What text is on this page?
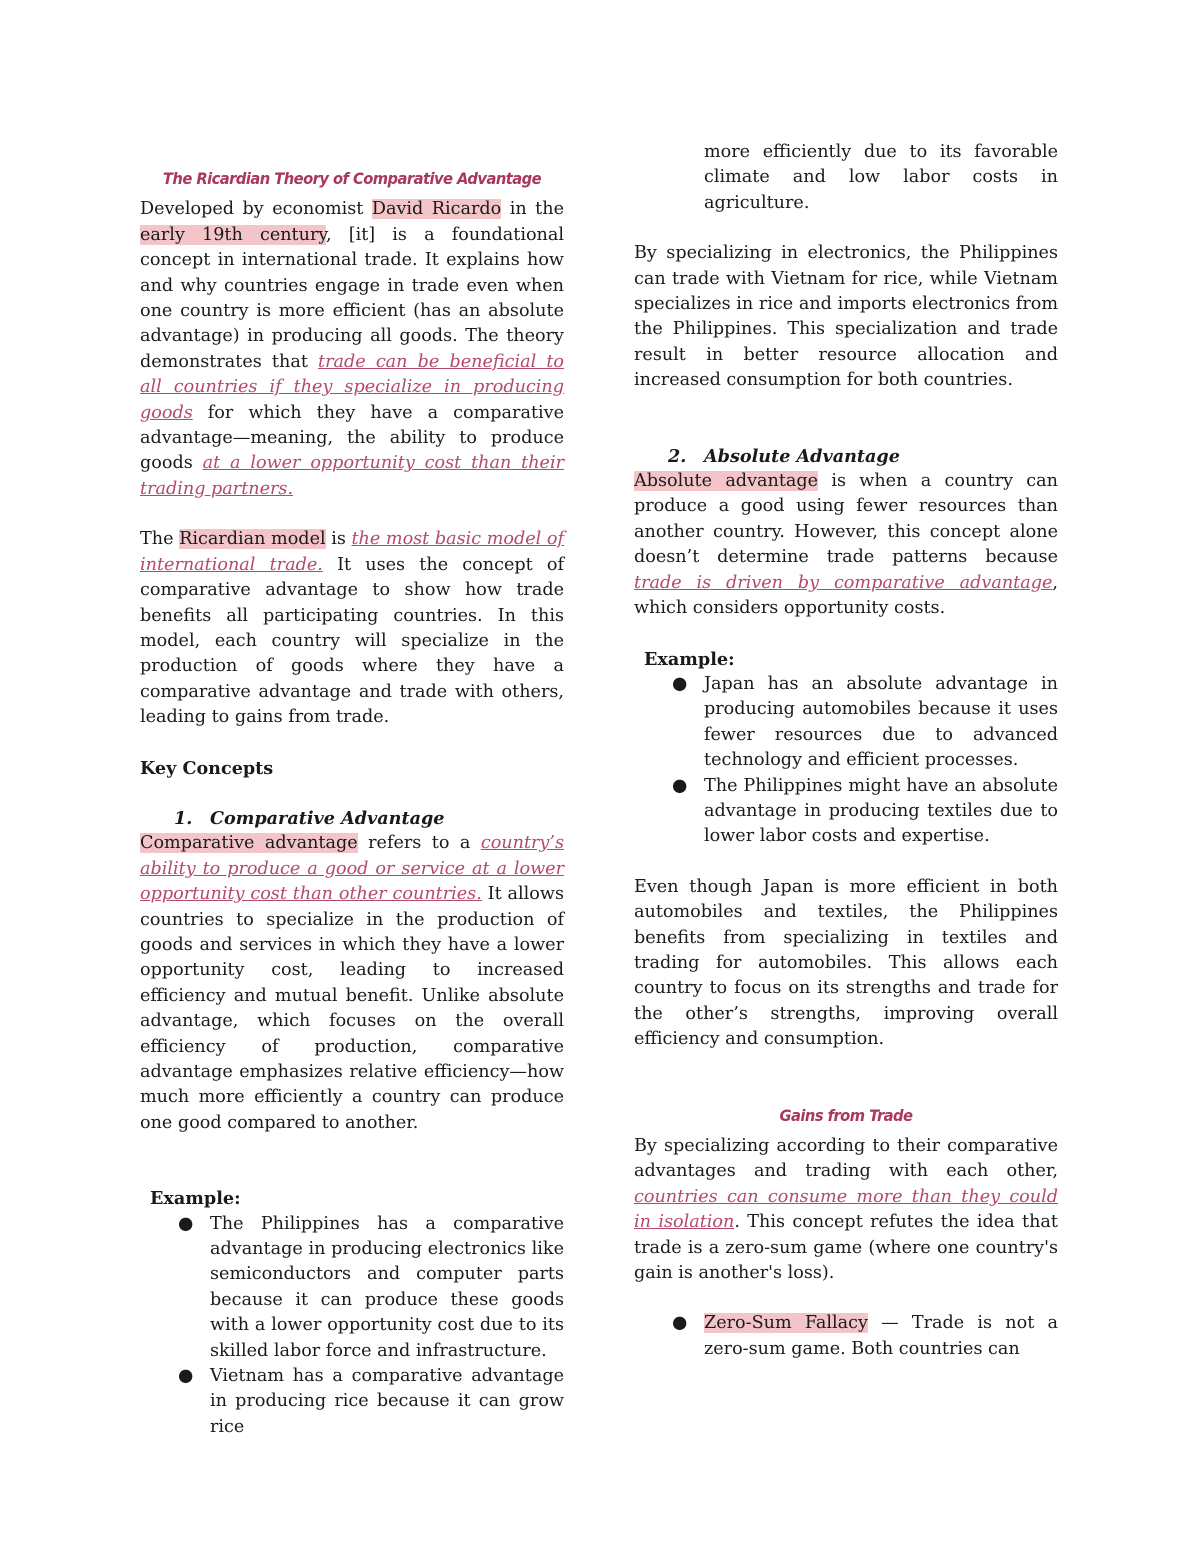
The Ricardian Theory of Comparative Advantage

Developed by economist David Ricardo in the early 19th century, [it] is a foundational concept in international trade. It explains how and why countries engage in trade even when one country is more efficient (has an absolute advantage) in producing all goods. The theory demonstrates that trade can be beneficial to all countries if they specialize in producing goods for which they have a comparative advantage—meaning, the ability to produce goods at a lower opportunity cost than their trading partners.

The Ricardian model is the most basic model of international trade. It uses the concept of comparative advantage to show how trade benefits all participating countries. In this model, each country will specialize in the production of goods where they have a comparative advantage and trade with others, leading to gains from trade.

Key Concepts

1. Comparative Advantage

Comparative advantage refers to a country’s ability to produce a good or service at a lower opportunity cost than other countries. It allows countries to specialize in the production of goods and services in which they have a lower opportunity cost, leading to increased efficiency and mutual benefit. Unlike absolute advantage, which focuses on the overall efficiency of production, comparative advantage emphasizes relative efficiency—how much more efficiently a country can produce one good compared to another.

Example:

● The Philippines has a comparative advantage in producing electronics like semiconductors and computer parts because it can produce these goods with a lower opportunity cost due to its skilled labor force and infrastructure.
● Vietnam has a comparative advantage in producing rice because it can grow rice

more efficiently due to its favorable climate and low labor costs in agriculture.

By specializing in electronics, the Philippines can trade with Vietnam for rice, while Vietnam specializes in rice and imports electronics from the Philippines. This specialization and trade result in better resource allocation and increased consumption for both countries.

2. Absolute Advantage

Absolute advantage is when a country can produce a good using fewer resources than another country. However, this concept alone doesn’t determine trade patterns because trade is driven by comparative advantage, which considers opportunity costs.

Example:

● Japan has an absolute advantage in producing automobiles because it uses fewer resources due to advanced technology and efficient processes.
● The Philippines might have an absolute advantage in producing textiles due to lower labor costs and expertise.

Even though Japan is more efficient in both automobiles and textiles, the Philippines benefits from specializing in textiles and trading for automobiles. This allows each country to focus on its strengths and trade for the other’s strengths, improving overall efficiency and consumption.

Gains from Trade

By specializing according to their comparative advantages and trading with each other, countries can consume more than they could in isolation. This concept refutes the idea that trade is a zero-sum game (where one country's gain is another's loss).

● Zero-Sum Fallacy — Trade is not a zero-sum game. Both countries can
